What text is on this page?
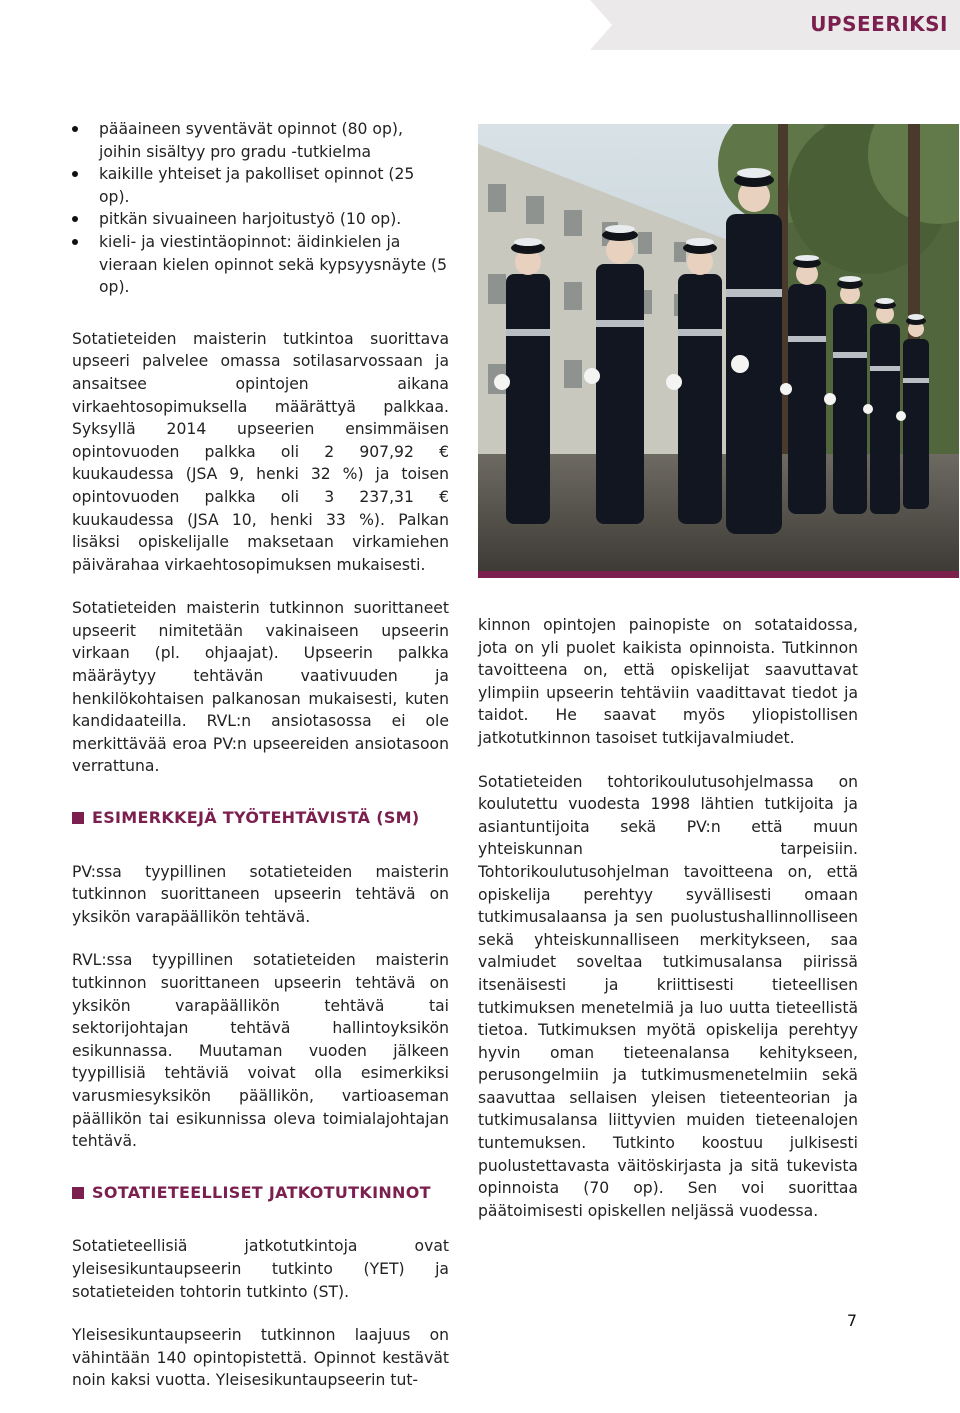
UPSEERIKSI
pääaineen syventävät opinnot (80 op), joihin sisältyy pro gradu -tutkielma
kaikille yhteiset ja pakolliset opinnot (25 op).
pitkän sivuaineen harjoitustyö (10 op).
kieli- ja viestintäopinnot: äidinkielen ja vieraan kielen opinnot sekä kypsyysnäyte (5 op).

Sotatieteiden maisterin tutkintoa suorittava upseeri palvelee omassa sotilasarvossaan ja ansaitsee opintojen aikana virkaehtosopimuksella määrättyä palkkaa. Syksyllä 2014 upseerien ensimmäisen opintovuoden palkka oli 2 907,92 € kuukaudessa (JSA 9, henki 32 %) ja toisen opintovuoden palkka oli 3 237,31 € kuukaudessa (JSA 10, henki 33 %). Palkan lisäksi opiskelijalle maksetaan virkamiehen päivärahaa virkaehtosopimuksen mukaisesti.

Sotatieteiden maisterin tutkinnon suorittaneet upseerit nimitetään vakinaiseen upseerin virkaan (pl. ohjaajat). Upseerin palkka määräytyy tehtävän vaativuuden ja henkilökohtaisen palkanosan mukaisesti, kuten kandidaateilla. RVL:n ansiotasossa ei ole merkittävää eroa PV:n upseereiden ansiotasoon verrattuna.

ESIMERKKEJÄ TYÖTEHTÄVISTÄ (SM)

PV:ssa tyypillinen sotatieteiden maisterin tutkinnon suorittaneen upseerin tehtävä on yksikön varapäällikön tehtävä.

RVL:ssa tyypillinen sotatieteiden maisterin tutkinnon suorittaneen upseerin tehtävä on yksikön varapäällikön tehtävä tai sektorijohtajan tehtävä hallintoyksikön esikunnassa. Muutaman vuoden jälkeen tyypillisiä tehtäviä voivat olla esimerkiksi varusmiesyksikön päällikön, vartioaseman päällikön tai esikunnissa oleva toimialajohtajan tehtävä.

SOTATIETEELLISET JATKOTUTKINNOT

Sotatieteellisiä jatkotutkintoja ovat yleisesikuntaupseerin tutkinto (YET) ja sotatieteiden tohtorin tutkinto (ST).

Yleisesikuntaupseerin tutkinnon laajuus on vähintään 140 opintopistettä. Opinnot kestävät noin kaksi vuotta. Yleisesikuntaupseerin tut-

kinnon opintojen painopiste on sotataidossa, jota on yli puolet kaikista opinnoista. Tutkinnon tavoitteena on, että opiskelijat saavuttavat ylimpiin upseerin tehtäviin vaadittavat tiedot ja taidot. He saavat myös yliopistollisen jatkotutkinnon tasoiset tutkijavalmiudet.

Sotatieteiden tohtorikoulutusohjelmassa on koulutettu vuodesta 1998 lähtien tutkijoita ja asiantuntijoita sekä PV:n että muun yhteiskunnan tarpeisiin. Tohtorikoulutusohjelman tavoitteena on, että opiskelija perehtyy syvällisesti omaan tutkimusalaansa ja sen puolustushallinnolliseen sekä yhteiskunnalliseen merkitykseen, saa valmiudet soveltaa tutkimusalansa piirissä itsenäisesti ja kriittisesti tieteellisen tutkimuksen menetelmiä ja luo uutta tieteellistä tietoa. Tutkimuksen myötä opiskelija perehtyy hyvin oman tieteenalansa kehitykseen, perusongelmiin ja tutkimusmenetelmiin sekä saavuttaa sellaisen yleisen tieteenteorian ja tutkimusalansa liittyvien muiden tieteenalojen tuntemuksen. Tutkinto koostuu julkisesti puolustettavasta väitöskirjasta ja sitä tukevista opinnoista (70 op). Sen voi suorittaa päätoimisesti opiskellen neljässä vuodessa.

7
